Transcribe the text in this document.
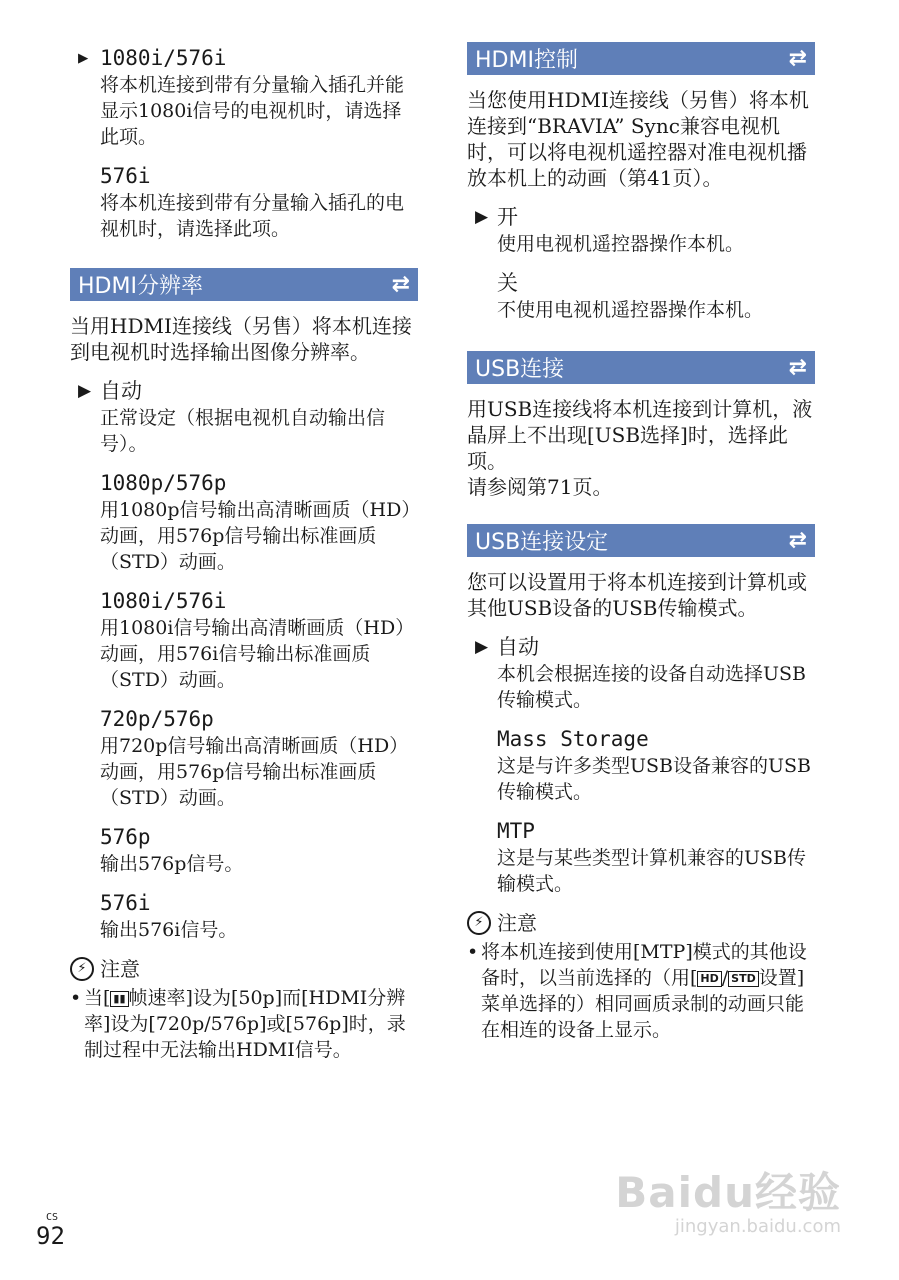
▶ 1080i/576i
将本机连接到带有分量输入插孔并能显示1080i信号的电视机时，请选择此项。
576i
将本机连接到带有分量输入插孔的电视机时，请选择此项。
HDMI分辨率	⇄
当用HDMI连接线（另售）将本机连接到电视机时选择输出图像分辨率。
▶ 自动
正常设定（根据电视机自动输出信号）。
1080p/576p
用1080p信号输出高清晰画质（HD）动画，用576p信号输出标准画质（STD）动画。
1080i/576i
用1080i信号输出高清晰画质（HD）动画，用576i信号输出标准画质（STD）动画。
720p/576p
用720p信号输出高清晰画质（HD）动画，用576p信号输出标准画质（STD）动画。
576p
输出576p信号。
576i
输出576i信号。
⚡ 注意
• 当[ ▮▮ 帧速率]设为[50p]而[HDMI分辨率]设为[720p/576p]或[576p]时，录制过程中无法输出HDMI信号。
HDMI控制	⇄
当您使用HDMI连接线（另售）将本机连接到“BRAVIA” Sync兼容电视机时，可以将电视机遥控器对准电视机播放本机上的动画（第41页）。
▶ 开
使用电视机遥控器操作本机。
关
不使用电视机遥控器操作本机。
USB连接	⇄
用USB连接线将本机连接到计算机，液晶屏上不出现[USB选择]时，选择此项。
请参阅第71页。
USB连接设定	⇄
您可以设置用于将本机连接到计算机或其他USB设备的USB传输模式。
▶ 自动
本机会根据连接的设备自动选择USB传输模式。
Mass Storage
这是与许多类型USB设备兼容的USB传输模式。
MTP
这是与某些类型计算机兼容的USB传输模式。
⚡ 注意
• 将本机连接到使用[MTP]模式的其他设备时，以当前选择的（用[ HD / STD 设置]菜单选择的）相同画质录制的动画只能在相连的设备上显示。
CS
92
Baidu经验
jingyan.baidu.com
